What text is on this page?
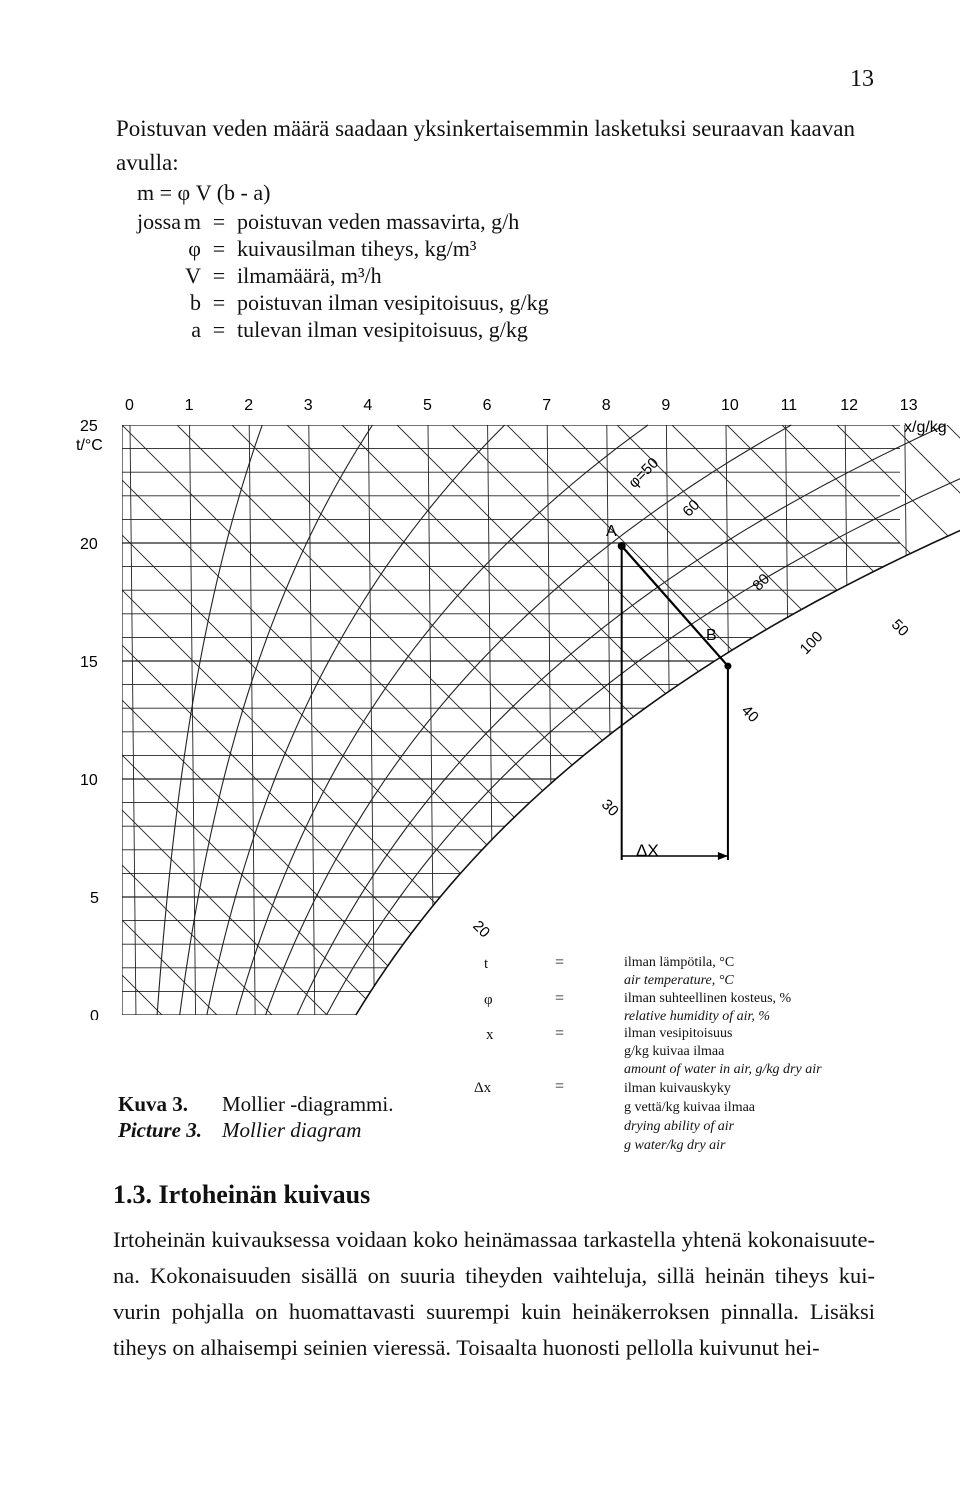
13
Poistuvan veden määrä saadaan yksinkertaisemmin lasketuksi seuraavan kaavan
avulla:
m = φ V (b - a)
jossa m = poistuvan veden massavirta, g/h
φ = kuivausilman tiheys, kg/m³
V = ilmamäärä, m³/h
b = poistuvan ilman vesipitoisuus, g/kg
a = tulevan ilman vesipitoisuus, g/kg
0	1	2	3	4	5	6	7	8	9	10	11	12	13
25
20
15
10
5
0
t/°C
x/g/kg
ΔX
φ=50
60
80
100
20
30
40
50
A
B
Kuva 3. Mollier -diagrammi.
Picture 3. Mollier diagram
t	=	ilman lämpötila, °C
air temperature, °C
φ	=	ilman suhteellinen kosteus, %
relative humidity of air, %
x	=	ilman vesipitoisuus
g/kg kuivaa ilmaa
amount of water in air, g/kg dry air
Δx	=	ilman kuivauskyky
g vettä/kg kuivaa ilmaa
drying ability of air
g water/kg dry air
1.3. Irtoheinän kuivaus
Irtoheinän kuivauksessa voidaan koko heinämassaa tarkastella yhtenä kokonaisuute-
na. Kokonaisuuden sisällä on suuria tiheyden vaihteluja, sillä heinän tiheys kui-
vurin pohjalla on huomattavasti suurempi kuin heinäkerroksen pinnalla. Lisäksi
tiheys on alhaisempi seinien vieressä. Toisaalta huonosti pellolla kuivunut hei-
